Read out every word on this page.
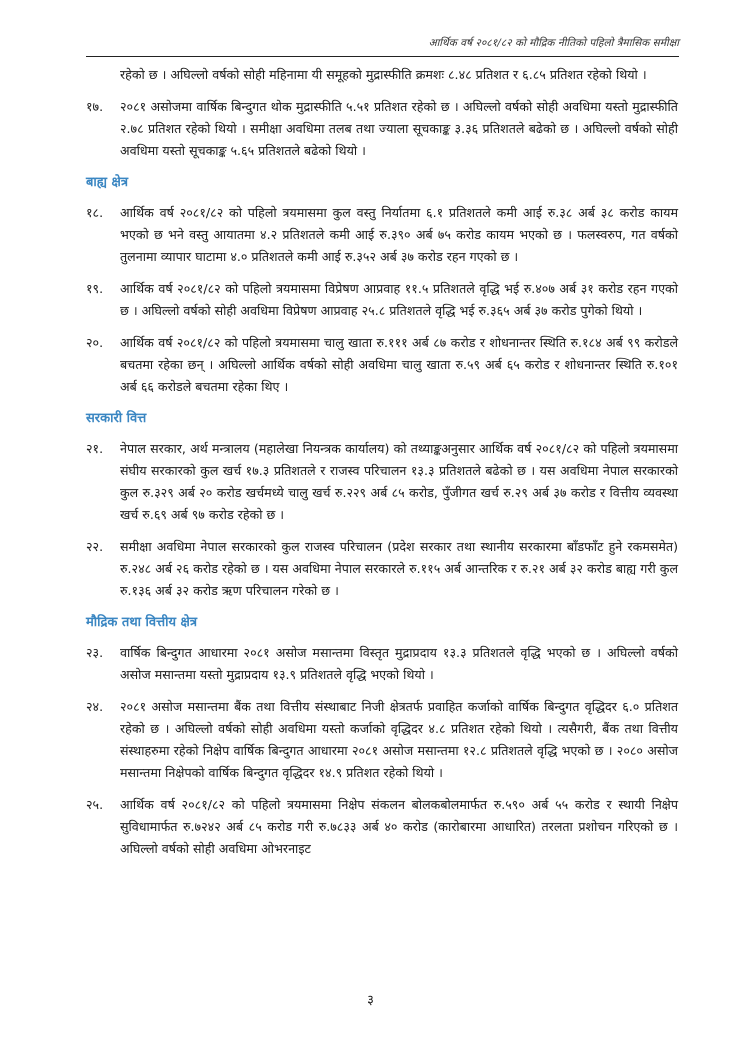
आर्थिक वर्ष २०८१/८२ को मौद्रिक नीतिको पहिलो त्रैमासिक समीक्षा
रहेको छ । अघिल्लो वर्षको सोही महिनामा यी समूहको मुद्रास्फीति क्रमशः ८.४८ प्रतिशत र ६.८५ प्रतिशत रहेको थियो ।
१७.	२०८१ असोजमा वार्षिक बिन्दुगत थोक मुद्रास्फीति ५.५१ प्रतिशत रहेको छ । अघिल्लो वर्षको सोही अवधिमा यस्तो मुद्रास्फीति २.७८ प्रतिशत रहेको थियो । समीक्षा अवधिमा तलब तथा ज्याला सूचकाङ्क ३.३६ प्रतिशतले बढेको छ । अघिल्लो वर्षको सोही अवधिमा यस्तो सूचकाङ्क ५.६५ प्रतिशतले बढेको थियो ।
बाह्य क्षेत्र
१८.	आर्थिक वर्ष २०८१/८२ को पहिलो त्रयमासमा कुल वस्तु निर्यातमा ६.१ प्रतिशतले कमी आई रु.३८ अर्ब ३८ करोड कायम भएको छ भने वस्तु आयातमा ४.२ प्रतिशतले कमी आई रु.३९० अर्ब ७५ करोड कायम भएको छ । फलस्वरुप, गत वर्षको तुलनामा व्यापार घाटामा ४.० प्रतिशतले कमी आई रु.३५२ अर्ब ३७ करोड रहन गएको छ ।
१९.	आर्थिक वर्ष २०८१/८२ को पहिलो त्रयमासमा विप्रेषण आप्रवाह ११.५ प्रतिशतले वृद्धि भई रु.४०७ अर्ब ३१ करोड रहन गएको छ । अघिल्लो वर्षको सोही अवधिमा विप्रेषण आप्रवाह २५.८ प्रतिशतले वृद्धि भई रु.३६५ अर्ब ३७ करोड पुगेको थियो ।
२०.	आर्थिक वर्ष २०८१/८२ को पहिलो त्रयमासमा चालु खाता रु.१११ अर्ब ८७ करोड र शोधनान्तर स्थिति रु.१८४ अर्ब ९९ करोडले बचतमा रहेका छन् । अघिल्लो आर्थिक वर्षको सोही अवधिमा चालु खाता रु.५९ अर्ब ६५ करोड र शोधनान्तर स्थिति रु.१०१ अर्ब ६६ करोडले बचतमा रहेका थिए ।
सरकारी वित्त
२१.	नेपाल सरकार, अर्थ मन्त्रालय (महालेखा नियन्त्रक कार्यालय) को तथ्याङ्कअनुसार आर्थिक वर्ष २०८१/८२ को पहिलो त्रयमासमा संघीय सरकारको कुल खर्च १७.३ प्रतिशतले र राजस्व परिचालन १३.३ प्रतिशतले बढेको छ । यस अवधिमा नेपाल सरकारको कुल रु.३२९ अर्ब २० करोड खर्चमध्ये चालु खर्च रु.२२९ अर्ब ८५ करोड, पुँजीगत खर्च रु.२९ अर्ब ३७ करोड र वित्तीय व्यवस्था खर्च रु.६९ अर्ब ९७ करोड रहेको छ ।
२२.	समीक्षा अवधिमा नेपाल सरकारको कुल राजस्व परिचालन (प्रदेश सरकार तथा स्थानीय सरकारमा बाँडफाँट हुने रकमसमेत) रु.२४८ अर्ब २६ करोड रहेको छ । यस अवधिमा नेपाल सरकारले रु.११५ अर्ब आन्तरिक र रु.२१ अर्ब ३२ करोड बाह्य गरी कुल रु.१३६ अर्ब ३२ करोड ऋण परिचालन गरेको छ ।
मौद्रिक तथा वित्तीय क्षेत्र
२३.	वार्षिक बिन्दुगत आधारमा २०८१ असोज मसान्तमा विस्तृत मुद्राप्रदाय १३.३ प्रतिशतले वृद्धि भएको छ । अघिल्लो वर्षको असोज मसान्तमा यस्तो मुद्राप्रदाय १३.९ प्रतिशतले वृद्धि भएको थियो ।
२४.	२०८१ असोज मसान्तमा बैंक तथा वित्तीय संस्थाबाट निजी क्षेत्रतर्फ प्रवाहित कर्जाको वार्षिक बिन्दुगत वृद्धिदर ६.० प्रतिशत रहेको छ । अघिल्लो वर्षको सोही अवधिमा यस्तो कर्जाको वृद्धिदर ४.८ प्रतिशत रहेको थियो । त्यसैगरी, बैंक तथा वित्तीय संस्थाहरुमा रहेको निक्षेप वार्षिक बिन्दुगत आधारमा २०८१ असोज मसान्तमा १२.८ प्रतिशतले वृद्धि भएको छ । २०८० असोज मसान्तमा निक्षेपको वार्षिक बिन्दुगत वृद्धिदर १४.९ प्रतिशत रहेको थियो ।
२५.	आर्थिक वर्ष २०८१/८२ को पहिलो त्रयमासमा निक्षेप संकलन बोलकबोलमार्फत रु.५९० अर्ब ५५ करोड र स्थायी निक्षेप सुविधामार्फत रु.७२४२ अर्ब ८५ करोड गरी रु.७८३३ अर्ब ४० करोड (कारोबारमा आधारित) तरलता प्रशोचन गरिएको छ । अघिल्लो वर्षको सोही अवधिमा ओभरनाइट
३
